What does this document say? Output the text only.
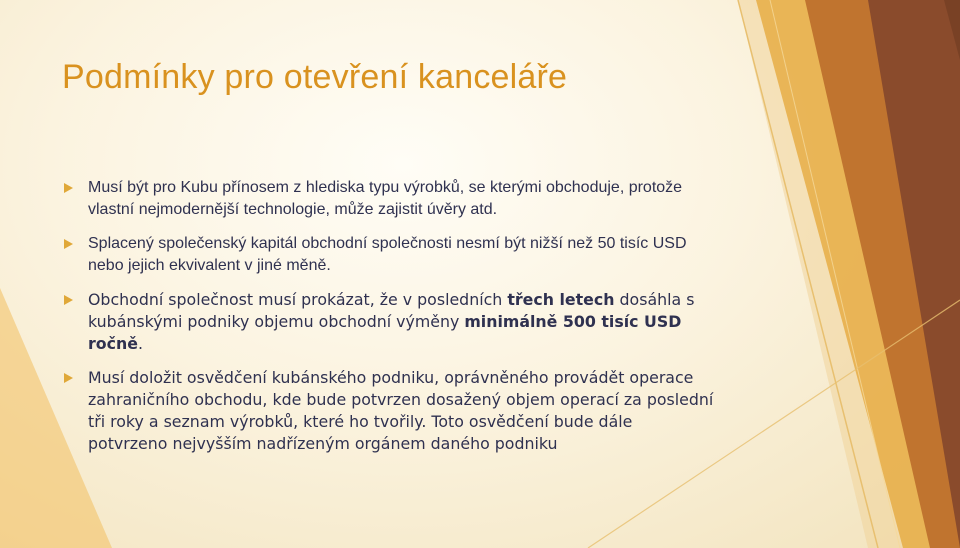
Podmínky pro otevření kanceláře
Musí být pro Kubu přínosem z hlediska typu výrobků, se kterými obchoduje, protože vlastní nejmodernější technologie, může zajistit úvěry atd.
Splacený společenský kapitál obchodní společnosti nesmí být nižší než 50 tisíc USD nebo jejich ekvivalent v jiné měně.
Obchodní společnost musí prokázat, že v posledních třech letech dosáhla s kubánskými podniky objemu obchodní výměny minimálně 500 tisíc USD ročně.
Musí doložit osvědčení kubánského podniku, oprávněného provádět operace zahraničního obchodu, kde bude potvrzen dosažený objem operací za poslední tři roky a seznam výrobků, které ho tvořily. Toto osvědčení bude dále potvrzeno nejvyšším nadřízeným orgánem daného podniku
